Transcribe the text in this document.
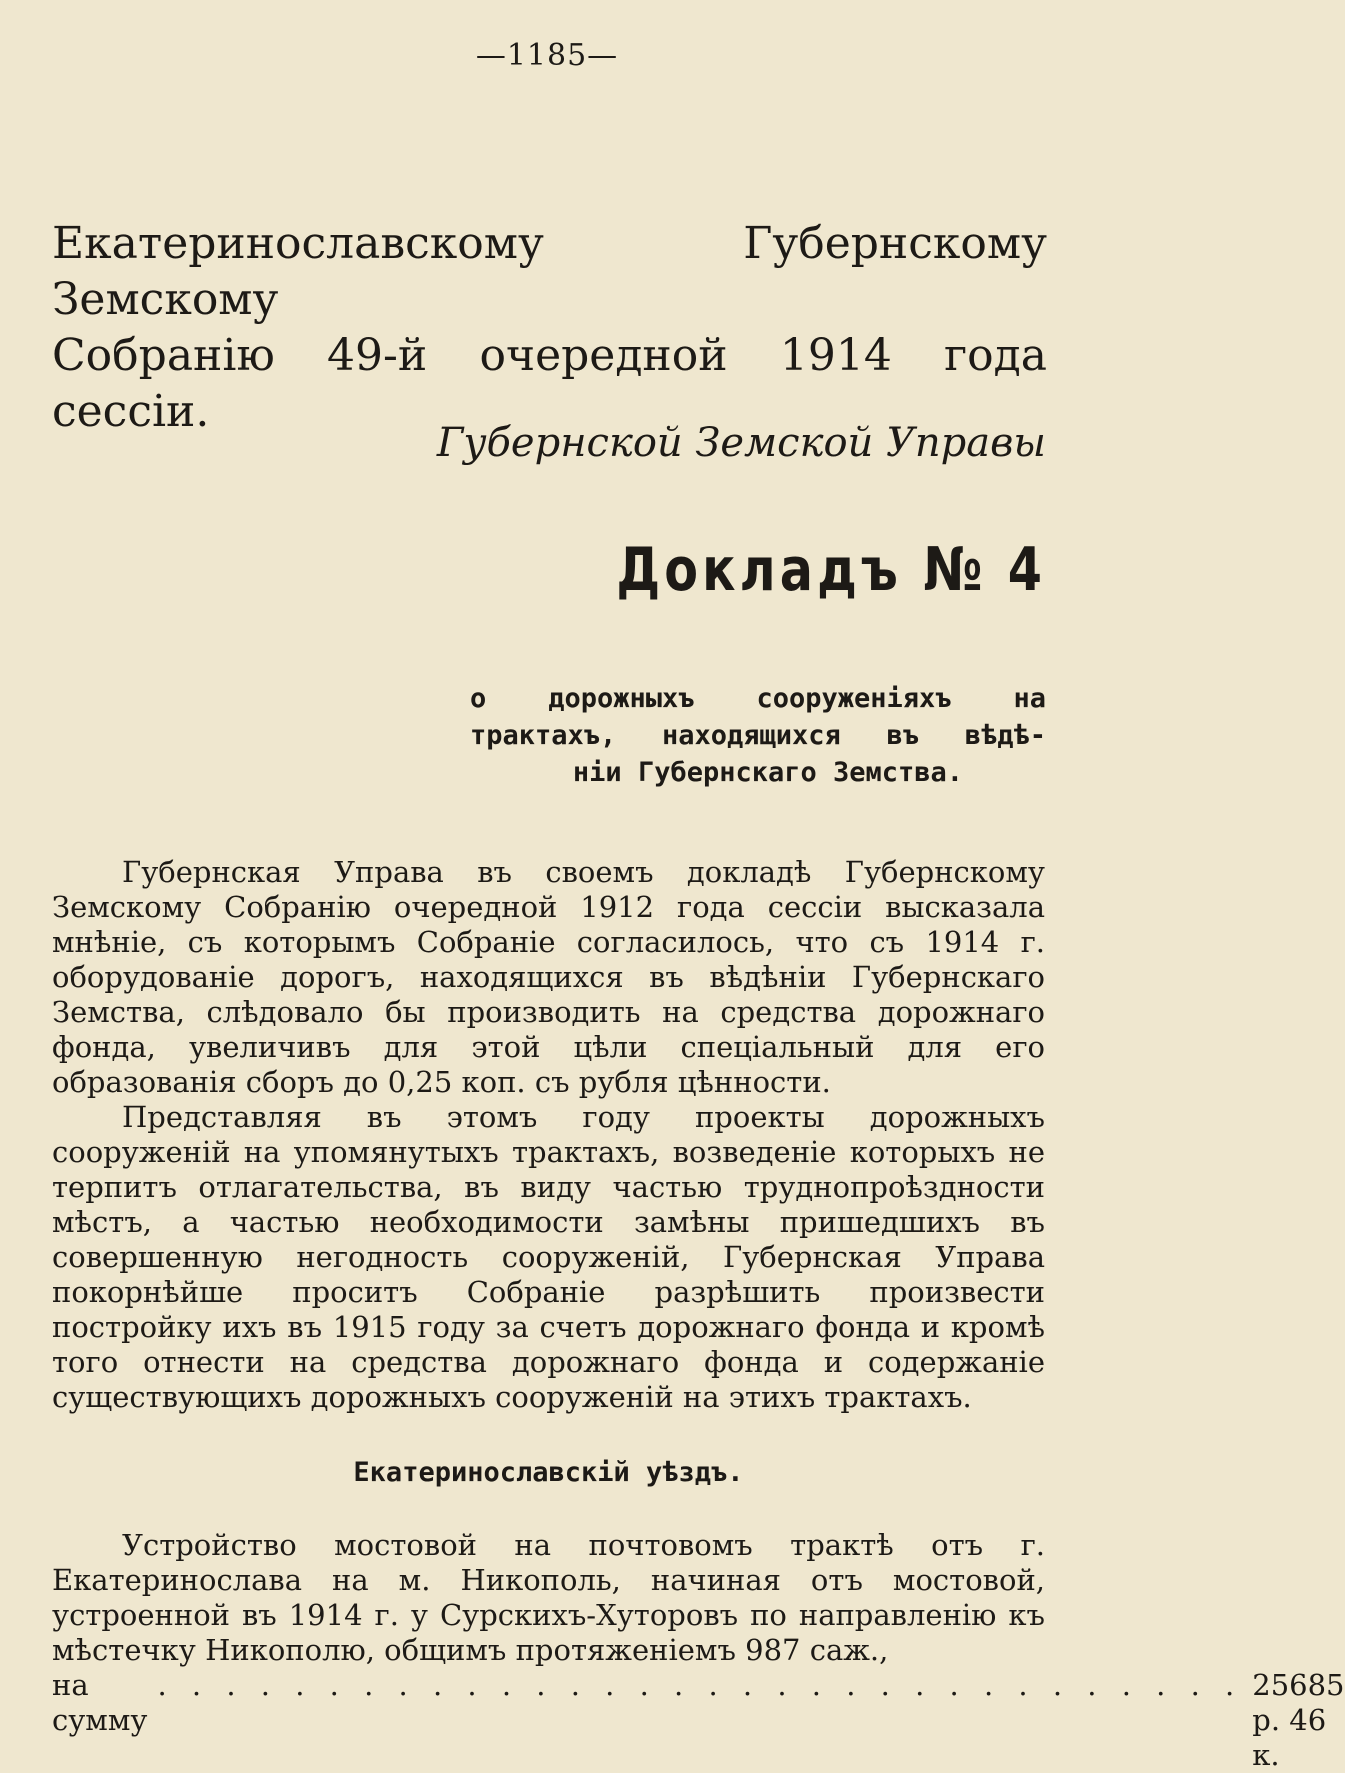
—1185—
Екатеринославскому Губернскому Земскому
Собранію 49-й очередной 1914 года сессіи.
Губернской Земской Управы
Докладъ № 4
о дорожныхъ сооруженіяхъ на
трактахъ, находящихся въ вѣдѣ-
ніи Губернскаго Земства.

Губернская Управа въ своемъ докладѣ Губернскому Земскому Собранію очередной 1912 года сессіи высказала мнѣніе, съ которымъ Собраніе согласилось, что съ 1914 г. оборудованіе дорогъ, находящихся въ вѣдѣніи Губернскаго Земства, слѣдовало бы производить на средства дорожнаго фонда, увеличивъ для этой цѣли спеціальный для его образованія сборъ до 0,25 коп. съ рубля цѣнности.

Представляя въ этомъ году проекты дорожныхъ сооруженій на упомянутыхъ трактахъ, возведеніе которыхъ не терпитъ отлагательства, въ виду частью труднопроѣздности мѣстъ, а частью необходимости замѣны пришедшихъ въ совершенную негодность сооруженій, Губернская Управа покорнѣйше проситъ Собраніе разрѣшить произвести постройку ихъ въ 1915 году за счетъ дорожнаго фонда и кромѣ того отнести на средства дорожнаго фонда и содержаніе существующихъ дорожныхъ сооруженій на этихъ трактахъ.

Екатеринославскій уѣздъ.

Устройство мостовой на почтовомъ трактѣ отъ г. Екатеринослава на м. Никополь, начиная отъ мостовой, устроенной въ 1914 г. у Сурскихъ-Хуторовъ по направленію къ мѣстечку Никополю, общимъ протяженіемъ 987 саж.,

на сумму
. . . . . . . . . . . . . . . . . . . . . . . . . . . . . . . . 25685 р. 46 к.
